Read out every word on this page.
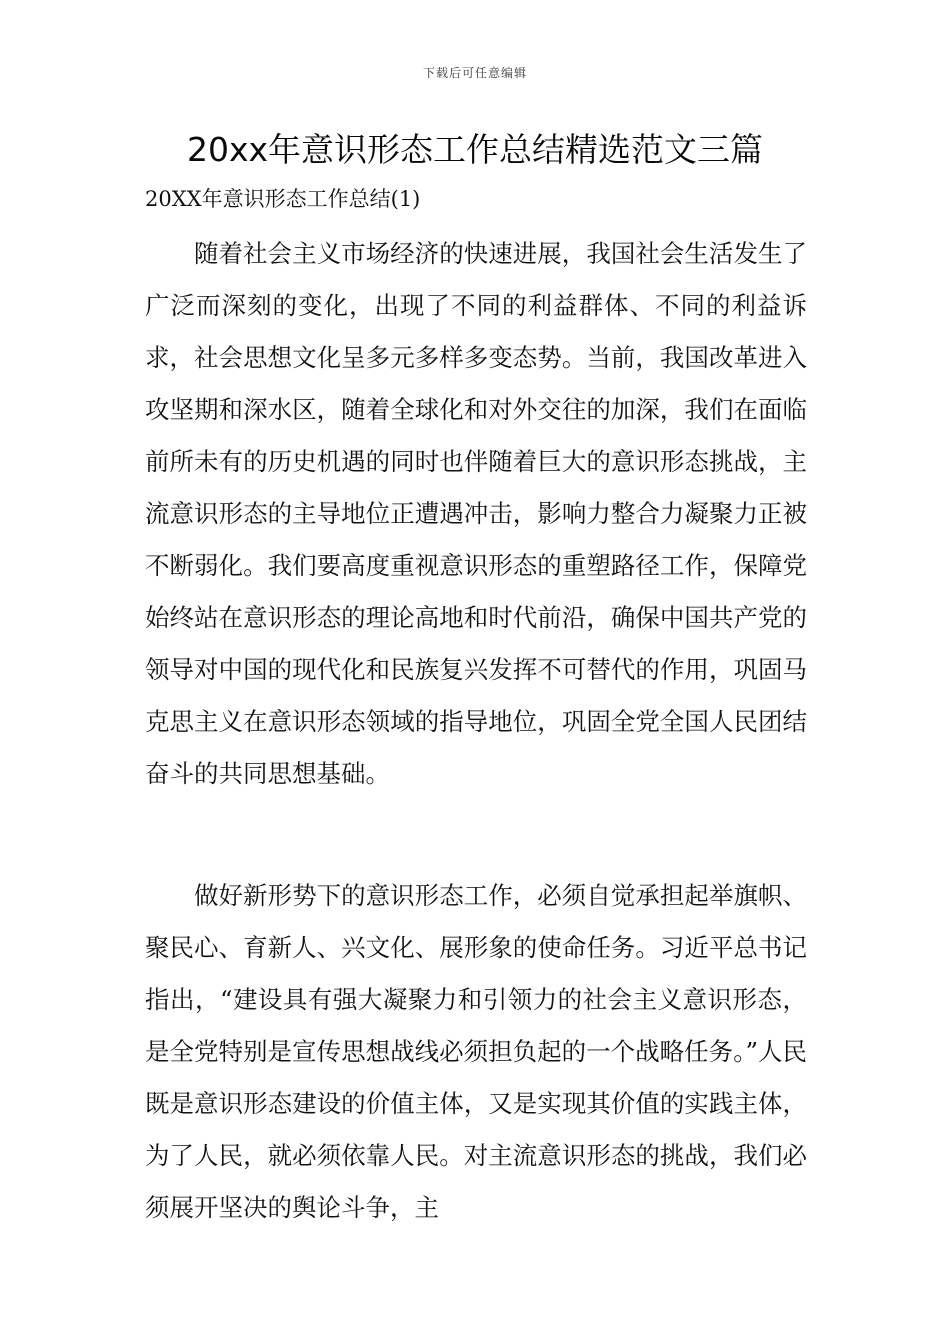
下载后可任意编辑
20xx年意识形态工作总结精选范文三篇
20XX年意识形态工作总结(1)

随着社会主义市场经济的快速进展，我国社会生活发生了广泛而深刻的变化，出现了不同的利益群体、不同的利益诉求，社会思想文化呈多元多样多变态势。当前，我国改革进入攻坚期和深水区，随着全球化和对外交往的加深，我们在面临前所未有的历史机遇的同时也伴随着巨大的意识形态挑战，主流意识形态的主导地位正遭遇冲击，影响力整合力凝聚力正被不断弱化。我们要高度重视意识形态的重塑路径工作，保障党始终站在意识形态的理论高地和时代前沿，确保中国共产党的领导对中国的现代化和民族复兴发挥不可替代的作用，巩固马克思主义在意识形态领域的指导地位，巩固全党全国人民团结奋斗的共同思想基础。

做好新形势下的意识形态工作，必须自觉承担起举旗帜、聚民心、育新人、兴文化、展形象的使命任务。习近平总书记指出，“建设具有强大凝聚力和引领力的社会主义意识形态，是全党特别是宣传思想战线必须担负起的一个战略任务。”人民既是意识形态建设的价值主体，又是实现其价值的实践主体，为了人民，就必须依靠人民。对主流意识形态的挑战，我们必须展开坚决的舆论斗争，主
